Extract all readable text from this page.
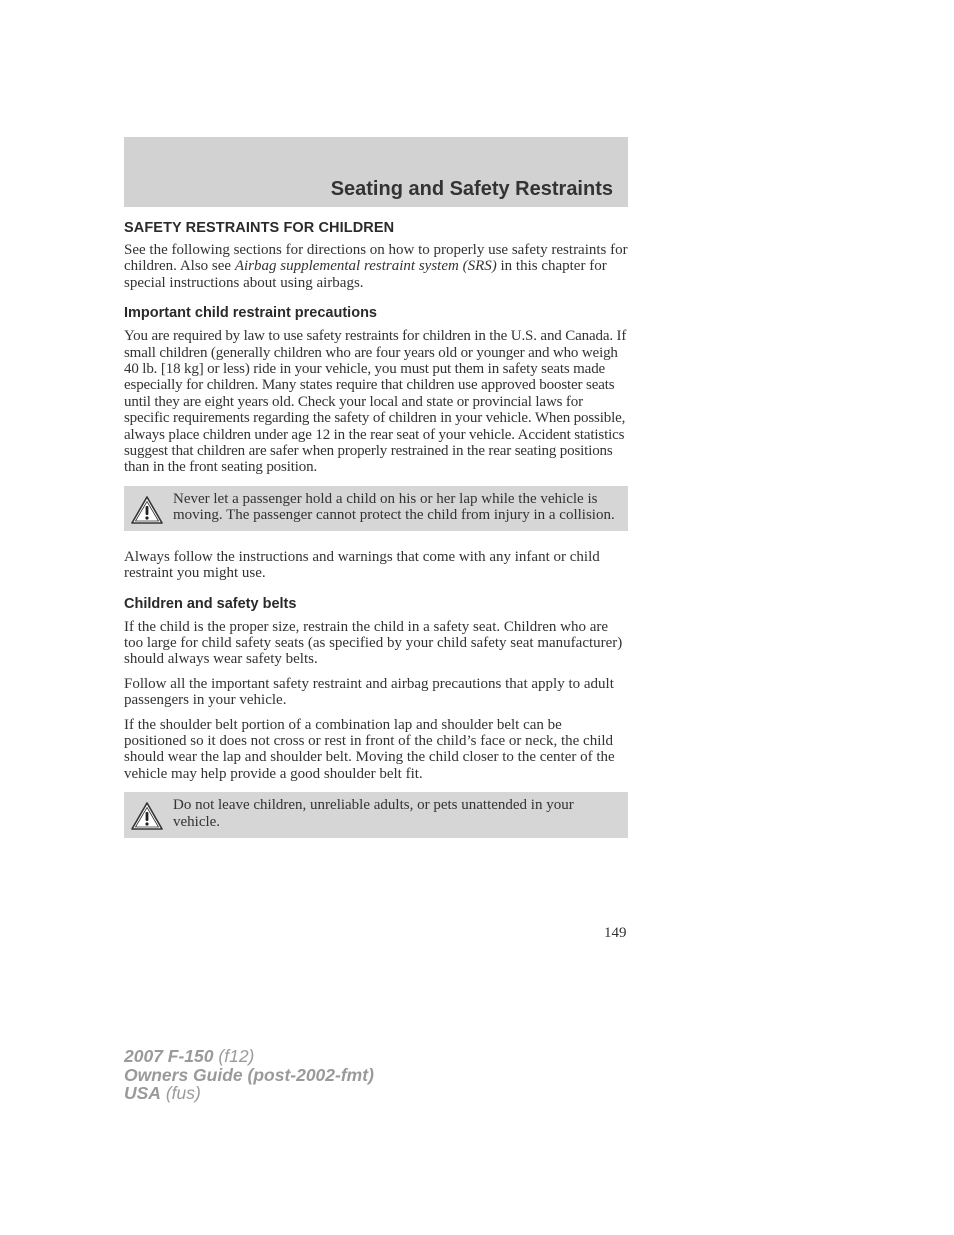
Seating and Safety Restraints
SAFETY RESTRAINTS FOR CHILDREN

See the following sections for directions on how to properly use safety restraints for children. Also see Airbag supplemental restraint system (SRS) in this chapter for special instructions about using airbags.

Important child restraint precautions

You are required by law to use safety restraints for children in the U.S. and Canada. If small children (generally children who are four years old or younger and who weigh 40 lb. [18 kg] or less) ride in your vehicle, you must put them in safety seats made especially for children. Many states require that children use approved booster seats until they are eight years old. Check your local and state or provincial laws for specific requirements regarding the safety of children in your vehicle. When possible, always place children under age 12 in the rear seat of your vehicle. Accident statistics suggest that children are safer when properly restrained in the rear seating positions than in the front seating position.

Never let a passenger hold a child on his or her lap while the vehicle is moving. The passenger cannot protect the child from injury in a collision.

Always follow the instructions and warnings that come with any infant or child restraint you might use.

Children and safety belts

If the child is the proper size, restrain the child in a safety seat. Children who are too large for child safety seats (as specified by your child safety seat manufacturer) should always wear safety belts.

Follow all the important safety restraint and airbag precautions that apply to adult passengers in your vehicle.

If the shoulder belt portion of a combination lap and shoulder belt can be positioned so it does not cross or rest in front of the child’s face or neck, the child should wear the lap and shoulder belt. Moving the child closer to the center of the vehicle may help provide a good shoulder belt fit.

Do not leave children, unreliable adults, or pets unattended in your vehicle.
149
2007 F-150 (f12)
Owners Guide (post-2002-fmt)
USA (fus)
